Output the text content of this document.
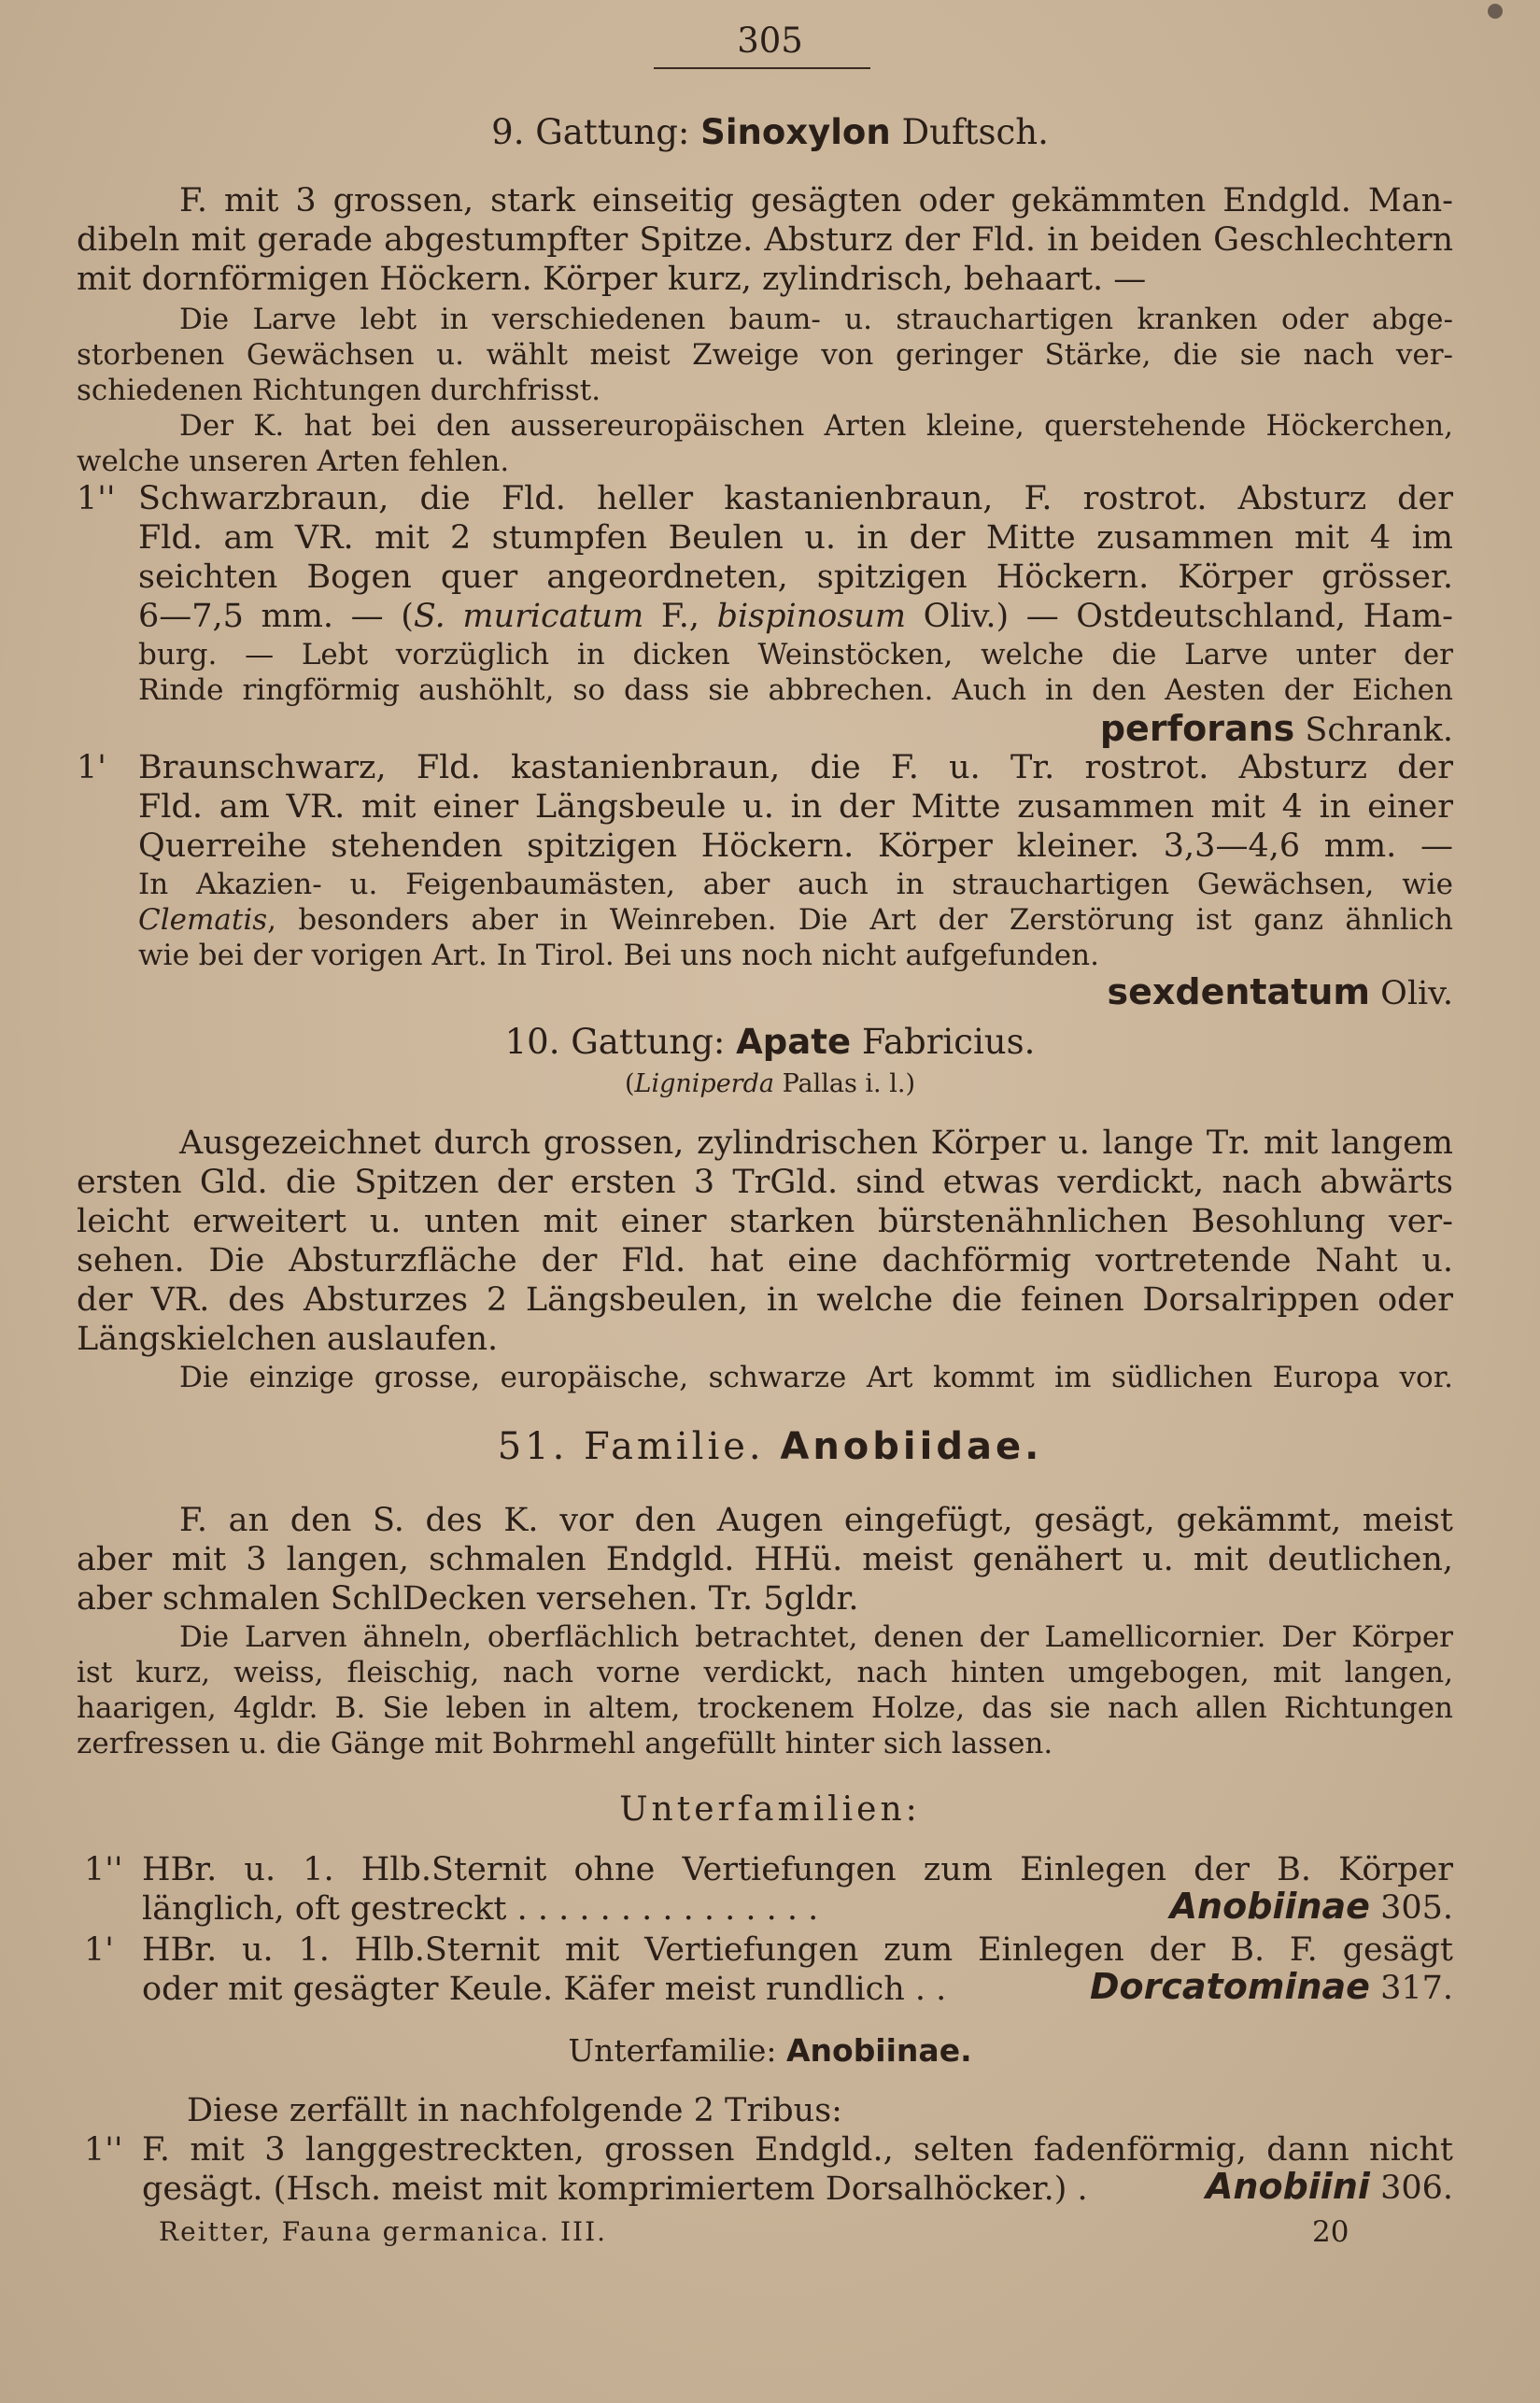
305
9. Gattung: Sinoxylon Duftsch.
F. mit 3 grossen, stark einseitig gesägten oder gekämmten Endgld. Man-
dibeln mit gerade abgestumpfter Spitze. Absturz der Fld. in beiden Geschlechtern
mit dornförmigen Höckern. Körper kurz, zylindrisch, behaart. —
Die Larve lebt in verschiedenen baum- u. strauchartigen kranken oder abge-
storbenen Gewächsen u. wählt meist Zweige von geringer Stärke, die sie nach ver-
schiedenen Richtungen durchfrisst.
Der K. hat bei den aussereuropäischen Arten kleine, querstehende Höckerchen,
welche unseren Arten fehlen.
1'' Schwarzbraun, die Fld. heller kastanienbraun, F. rostrot. Absturz der
Fld. am VR. mit 2 stumpfen Beulen u. in der Mitte zusammen mit 4 im
seichten Bogen quer angeordneten, spitzigen Höckern. Körper grösser.
6—7,5 mm. — (S. muricatum F., bispinosum Oliv.) — Ostdeutschland, Ham-
burg. — Lebt vorzüglich in dicken Weinstöcken, welche die Larve unter der
Rinde ringförmig aushöhlt, so dass sie abbrechen. Auch in den Aesten der Eichen
perforans Schrank.
1' Braunschwarz, Fld. kastanienbraun, die F. u. Tr. rostrot. Absturz der
Fld. am VR. mit einer Längsbeule u. in der Mitte zusammen mit 4 in einer
Querreihe stehenden spitzigen Höckern. Körper kleiner. 3,3—4,6 mm. —
In Akazien- u. Feigenbaumästen, aber auch in strauchartigen Gewächsen, wie
Clematis, besonders aber in Weinreben. Die Art der Zerstörung ist ganz ähnlich
wie bei der vorigen Art. In Tirol. Bei uns noch nicht aufgefunden.
sexdentatum Oliv.
10. Gattung: Apate Fabricius.
(Ligniperda Pallas i. l.)
Ausgezeichnet durch grossen, zylindrischen Körper u. lange Tr. mit langem
ersten Gld. die Spitzen der ersten 3 TrGld. sind etwas verdickt, nach abwärts
leicht erweitert u. unten mit einer starken bürstenähnlichen Besohlung ver-
sehen. Die Absturzfläche der Fld. hat eine dachförmig vortretende Naht u.
der VR. des Absturzes 2 Längsbeulen, in welche die feinen Dorsalrippen oder
Längskielchen auslaufen.
Die einzige grosse, europäische, schwarze Art kommt im südlichen Europa vor.
51. Familie. Anobiidae.
F. an den S. des K. vor den Augen eingefügt, gesägt, gekämmt, meist
aber mit 3 langen, schmalen Endgld. HHü. meist genähert u. mit deutlichen,
aber schmalen SchlDecken versehen. Tr. 5gldr.
Die Larven ähneln, oberflächlich betrachtet, denen der Lamellicornier. Der Körper
ist kurz, weiss, fleischig, nach vorne verdickt, nach hinten umgebogen, mit langen,
haarigen, 4gldr. B. Sie leben in altem, trockenem Holze, das sie nach allen Richtungen
zerfressen u. die Gänge mit Bohrmehl angefüllt hinter sich lassen.
Unterfamilien:
1'' HBr. u. 1. Hlb.Sternit ohne Vertiefungen zum Einlegen der B. Körper
länglich, oft gestreckt . . . . . . . . . . . . . . .	Anobiinae 305.
1' HBr. u. 1. Hlb.Sternit mit Vertiefungen zum Einlegen der B. F. gesägt
oder mit gesägter Keule. Käfer meist rundlich . .	Dorcatominae 317.
Unterfamilie: Anobiinae.
Diese zerfällt in nachfolgende 2 Tribus:
1'' F. mit 3 langgestreckten, grossen Endgld., selten fadenförmig, dann nicht
gesägt. (Hsch. meist mit komprimiertem Dorsalhöcker.) .	Anobiini 306.
Reitter, Fauna germanica. III.	20
